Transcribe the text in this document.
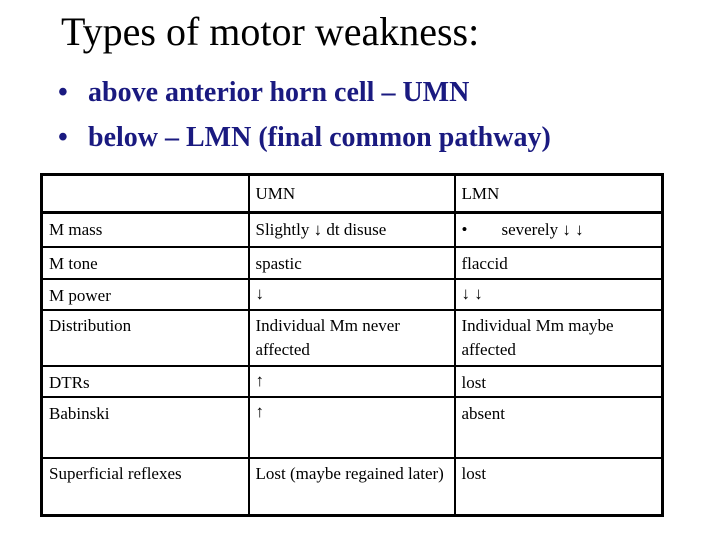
Types of motor weakness:
• above anterior horn cell – UMN
• below – LMN (final common pathway)
	UMN	LMN
M mass	Slightly ↓ dt disuse	•        severely ↓ ↓
M tone	spastic	flaccid
M power	↓	↓ ↓
Distribution	Individual Mm never affected	Individual Mm maybe affected
DTRs	↑	lost
Babinski	↑	absent
Superficial reflexes	Lost (maybe regained later)	lost
